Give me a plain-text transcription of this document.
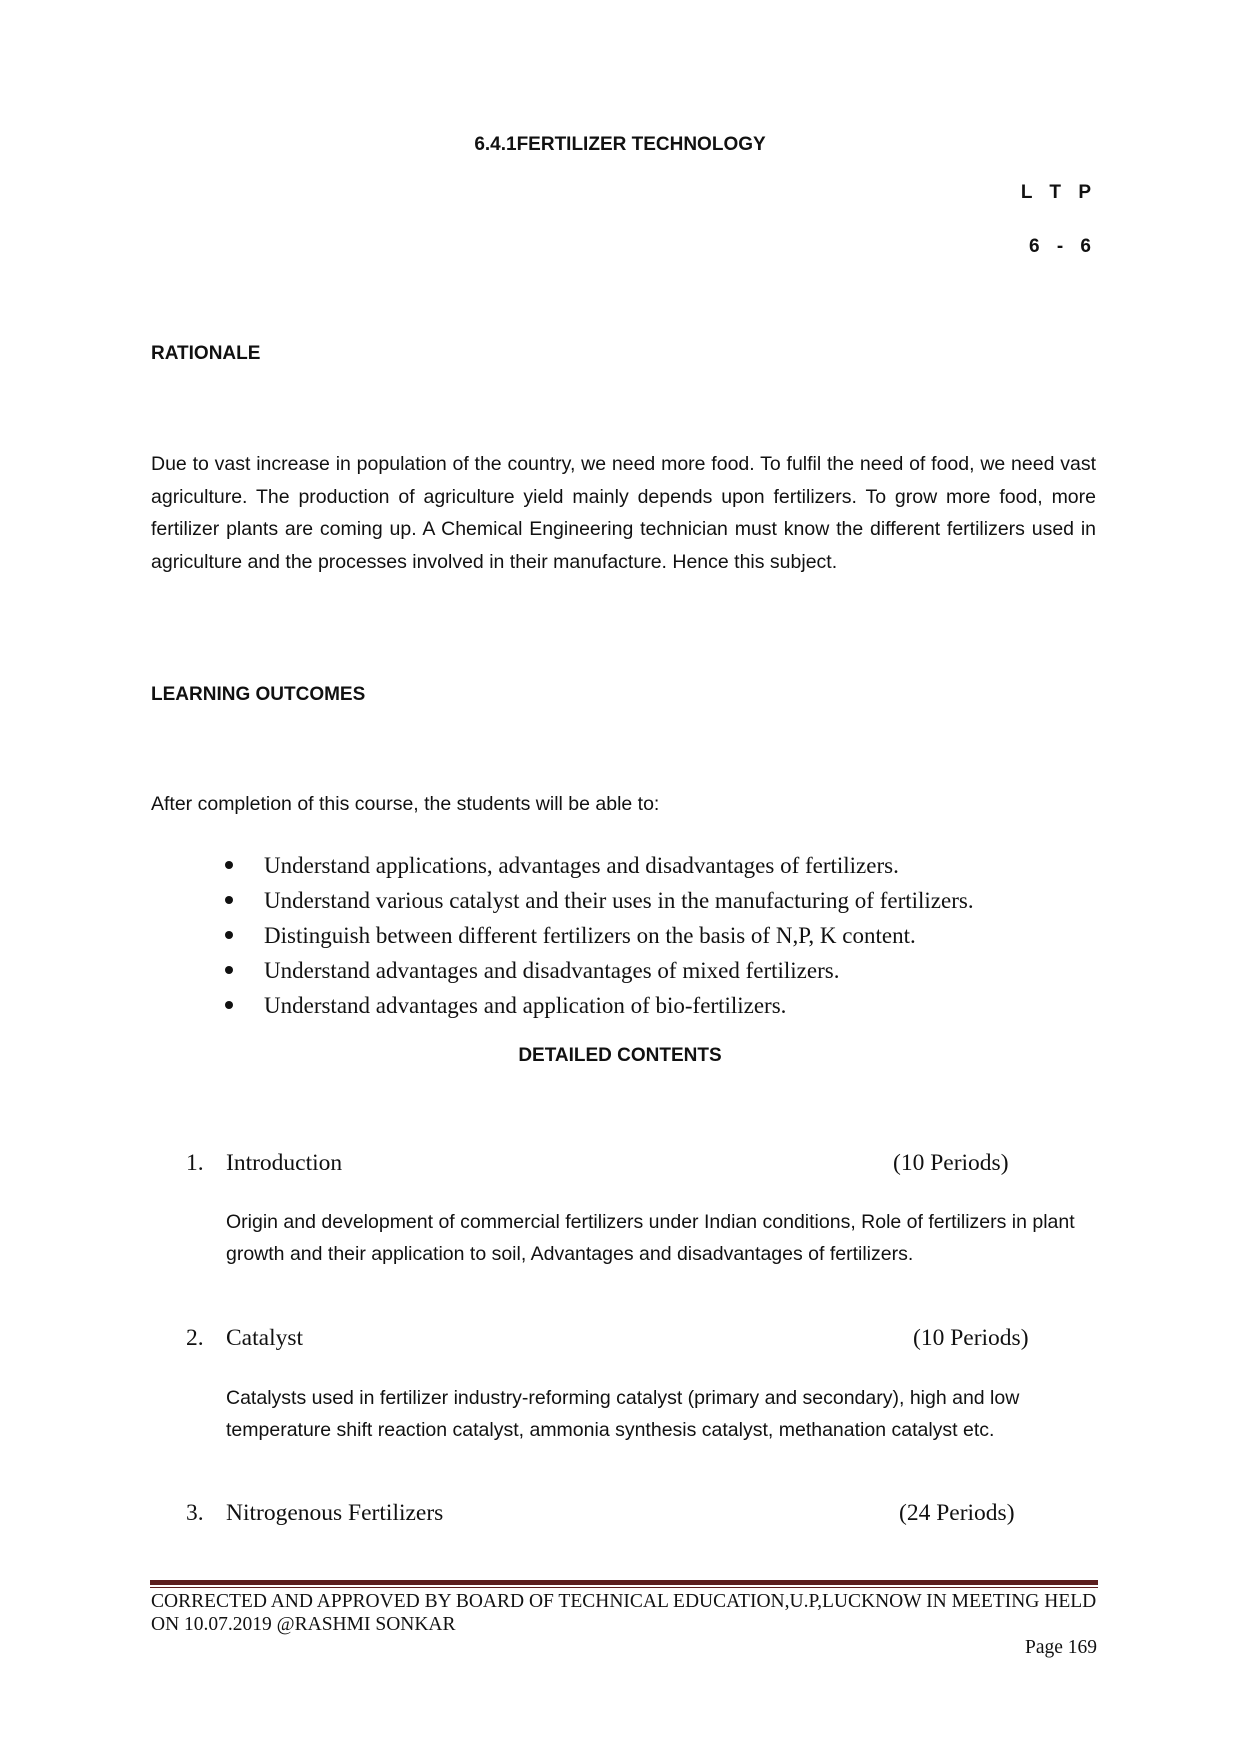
6.4.1FERTILIZER TECHNOLOGY
L T P
6 - 6
RATIONALE

Due to vast increase in population of the country, we need more food. To fulfil the need of food, we need vast agriculture. The production of agriculture yield mainly depends upon fertilizers. To grow more food, more fertilizer plants are coming up. A Chemical Engineering technician must know the different fertilizers used in agriculture and the processes involved in their manufacture. Hence this subject.

LEARNING OUTCOMES

After completion of this course, the students will be able to:

Understand applications, advantages and disadvantages of fertilizers.
Understand various catalyst and their uses in the manufacturing of fertilizers.
Distinguish between different fertilizers on the basis of N,P, K content.
Understand advantages and disadvantages of mixed fertilizers.
Understand advantages and application of bio-fertilizers.
DETAILED CONTENTS
1. Introduction	(10 Periods)

Origin and development of commercial fertilizers under Indian conditions, Role of fertilizers in plant growth and their application to soil, Advantages and disadvantages of fertilizers.

2. Catalyst	(10 Periods)

Catalysts used in fertilizer industry-reforming catalyst (primary and secondary), high and low temperature shift reaction catalyst, ammonia synthesis catalyst, methanation catalyst etc.

3. Nitrogenous Fertilizers	(24 Periods)
CORRECTED AND APPROVED BY BOARD OF TECHNICAL EDUCATION,U.P,LUCKNOW IN MEETING HELD
ON 10.07.2019 @RASHMI SONKAR
Page 169
